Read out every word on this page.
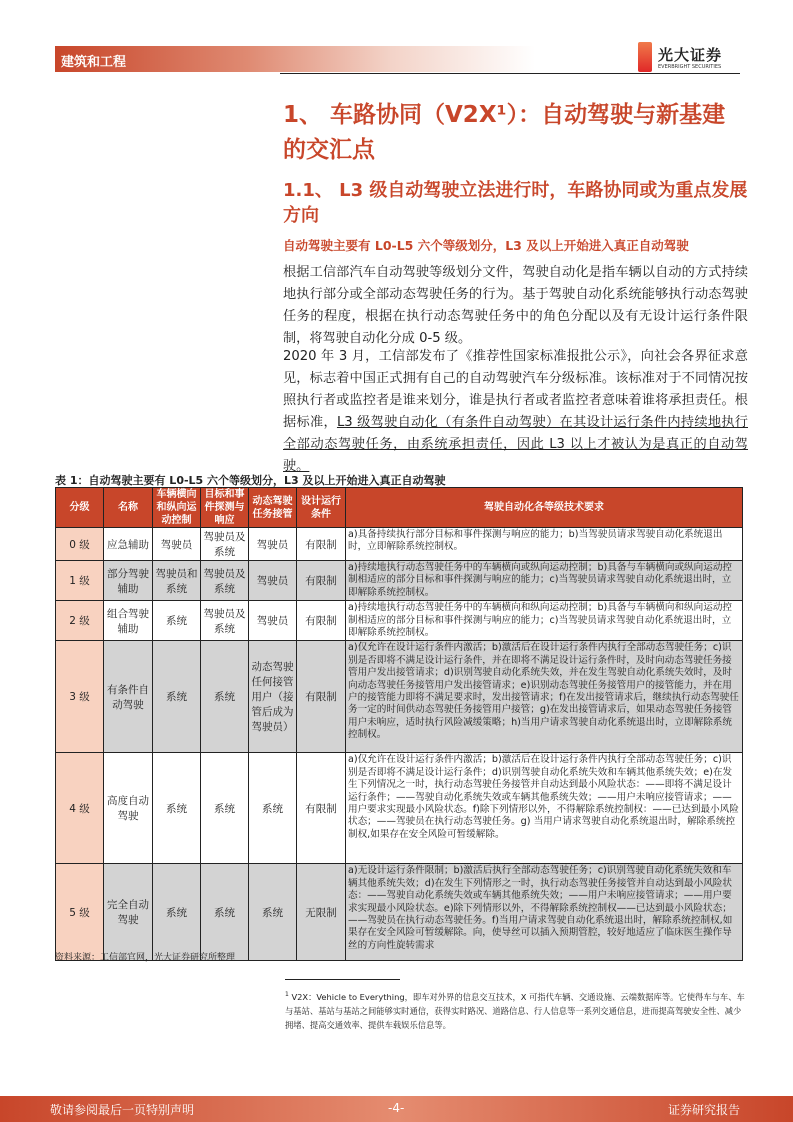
建筑和工程	光大证券
EVERBRIGHT SECURITIES
1、 车路协同（V2X¹）：自动驾驶与新基建的交汇点
1.1、 L3 级自动驾驶立法进行时，车路协同或为重点发展方向
自动驾驶主要有 L0-L5 六个等级划分，L3 及以上开始进入真正自动驾驶
根据工信部汽车自动驾驶等级划分文件，驾驶自动化是指车辆以自动的方式持续地执行部分或全部动态驾驶任务的行为。基于驾驶自动化系统能够执行动态驾驶任务的程度，根据在执行动态驾驶任务中的角色分配以及有无设计运行条件限制，将驾驶自动化分成 0-5 级。
2020 年 3 月，工信部发布了《推荐性国家标准报批公示》，向社会各界征求意见，标志着中国正式拥有自己的自动驾驶汽车分级标准。该标准对于不同情况按照执行者或监控者是谁来划分，谁是执行者或者监控者意味着谁将承担责任。根据标准，L3 级驾驶自动化（有条件自动驾驶）在其设计运行条件内持续地执行全部动态驾驶任务，由系统承担责任，因此 L3 以上才被认为是真正的自动驾驶。
表 1：自动驾驶主要有 L0-L5 六个等级划分，L3 及以上开始进入真正自动驾驶
分级	名称	车辆横向和纵向运动控制	目标和事件探测与响应	动态驾驶任务接管	设计运行条件	驾驶自动化各等级技术要求
0 级	应急辅助	驾驶员	驾驶员及系统	驾驶员	有限制	a)具备持续执行部分目标和事件探测与响应的能力；b)当驾驶员请求驾驶自动化系统退出时，立即解除系统控制权。
1 级	部分驾驶辅助	驾驶员和系统	驾驶员及系统	驾驶员	有限制	a)持续地执行动态驾驶任务中的车辆横向或纵向运动控制；b)具备与车辆横向或纵向运动控制相适应的部分目标和事件探测与响应的能力；c)当驾驶员请求驾驶自动化系统退出时，立即解除系统控制权。
2 级	组合驾驶辅助	系统	驾驶员及系统	驾驶员	有限制	a)持续地执行动态驾驶任务中的车辆横向和纵向运动控制；b)具备与车辆横向和纵向运动控制相适应的部分目标和事件探测与响应的能力；c)当驾驶员请求驾驶自动化系统退出时，立即解除系统控制权。
3 级	有条件自动驾驶	系统	系统	动态驾驶任何接管用户（接管后成为驾驶员）	有限制	a)仅允许在设计运行条件内激活；b)激活后在设计运行条件内执行全部动态驾驶任务；c)识别是否即将不满足设计运行条件，并在即将不满足设计运行条件时，及时向动态驾驶任务接管用户发出接管请求；d)识别驾驶自动化系统失效，并在发生驾驶自动化系统失效时，及时向动态驾驶任务接管用户发出接管请求；e)识别动态驾驶任务接管用户的接管能力，并在用户的接管能力即将不满足要求时，发出接管请求；f)在发出接管请求后，继续执行动态驾驶任务一定的时间供动态驾驶任务接管用户接管；g)在发出接管请求后，如果动态驾驶任务接管用户未响应，适时执行风险减缓策略；h)当用户请求驾驶自动化系统退出时，立即解除系统控制权。
4 级	高度自动驾驶	系统	系统	系统	有限制	a)仅允许在设计运行条件内激活；b)激活后在设计运行条件内执行全部动态驾驶任务；c)识别是否即将不满足设计运行条件；d)识别驾驶自动化系统失效和车辆其他系统失效；e)在发生下列情况之一时，执行动态驾驶任务接管并自动达到最小风险状态：——即将不满足设计运行条件；——驾驶自动化系统失效或车辆其他系统失效；——用户未响应接管请求；——用户要求实现最小风险状态。f)除下列情形以外，不得解除系统控制权：——已达到最小风险状态；——驾驶员在执行动态驾驶任务。g) 当用户请求驾驶自动化系统退出时，解除系统控制权,如果存在安全风险可暂缓解除。
5 级	完全自动驾驶	系统	系统	系统	无限制	a)无设计运行条件限制；b)激活后执行全部动态驾驶任务；c)识别驾驶自动化系统失效和车辆其他系统失效；d)在发生下列情形之一时，执行动态驾驶任务接管并自动达到最小风险状态：——驾驶自动化系统失效或车辆其他系统失效；——用户未响应接管请求；——用户要求实现最小风险状态。e)除下列情形以外，不得解除系统控制权——已达到最小风险状态；——驾驶员在执行动态驾驶任务。f)当用户请求驾驶自动化系统退出时，解除系统控制权,如果存在安全风险可暂缓解除。向，使导丝可以插入预期管腔，较好地适应了临床医生操作导丝的方向性旋转需求
资料来源：工信部官网，光大证券研究所整理
$^1$ V2X：Vehicle to Everything，即车对外界的信息交互技术，X 可指代车辆、交通设施、云端数据库等。它使得车与车、车与基站、基站与基站之间能够实时通信，获得实时路况、道路信息、行人信息等一系列交通信息，进而提高驾驶安全性、减少拥堵、提高交通效率、提供车载娱乐信息等。
敬请参阅最后一页特别声明	-4-	证券研究报告
